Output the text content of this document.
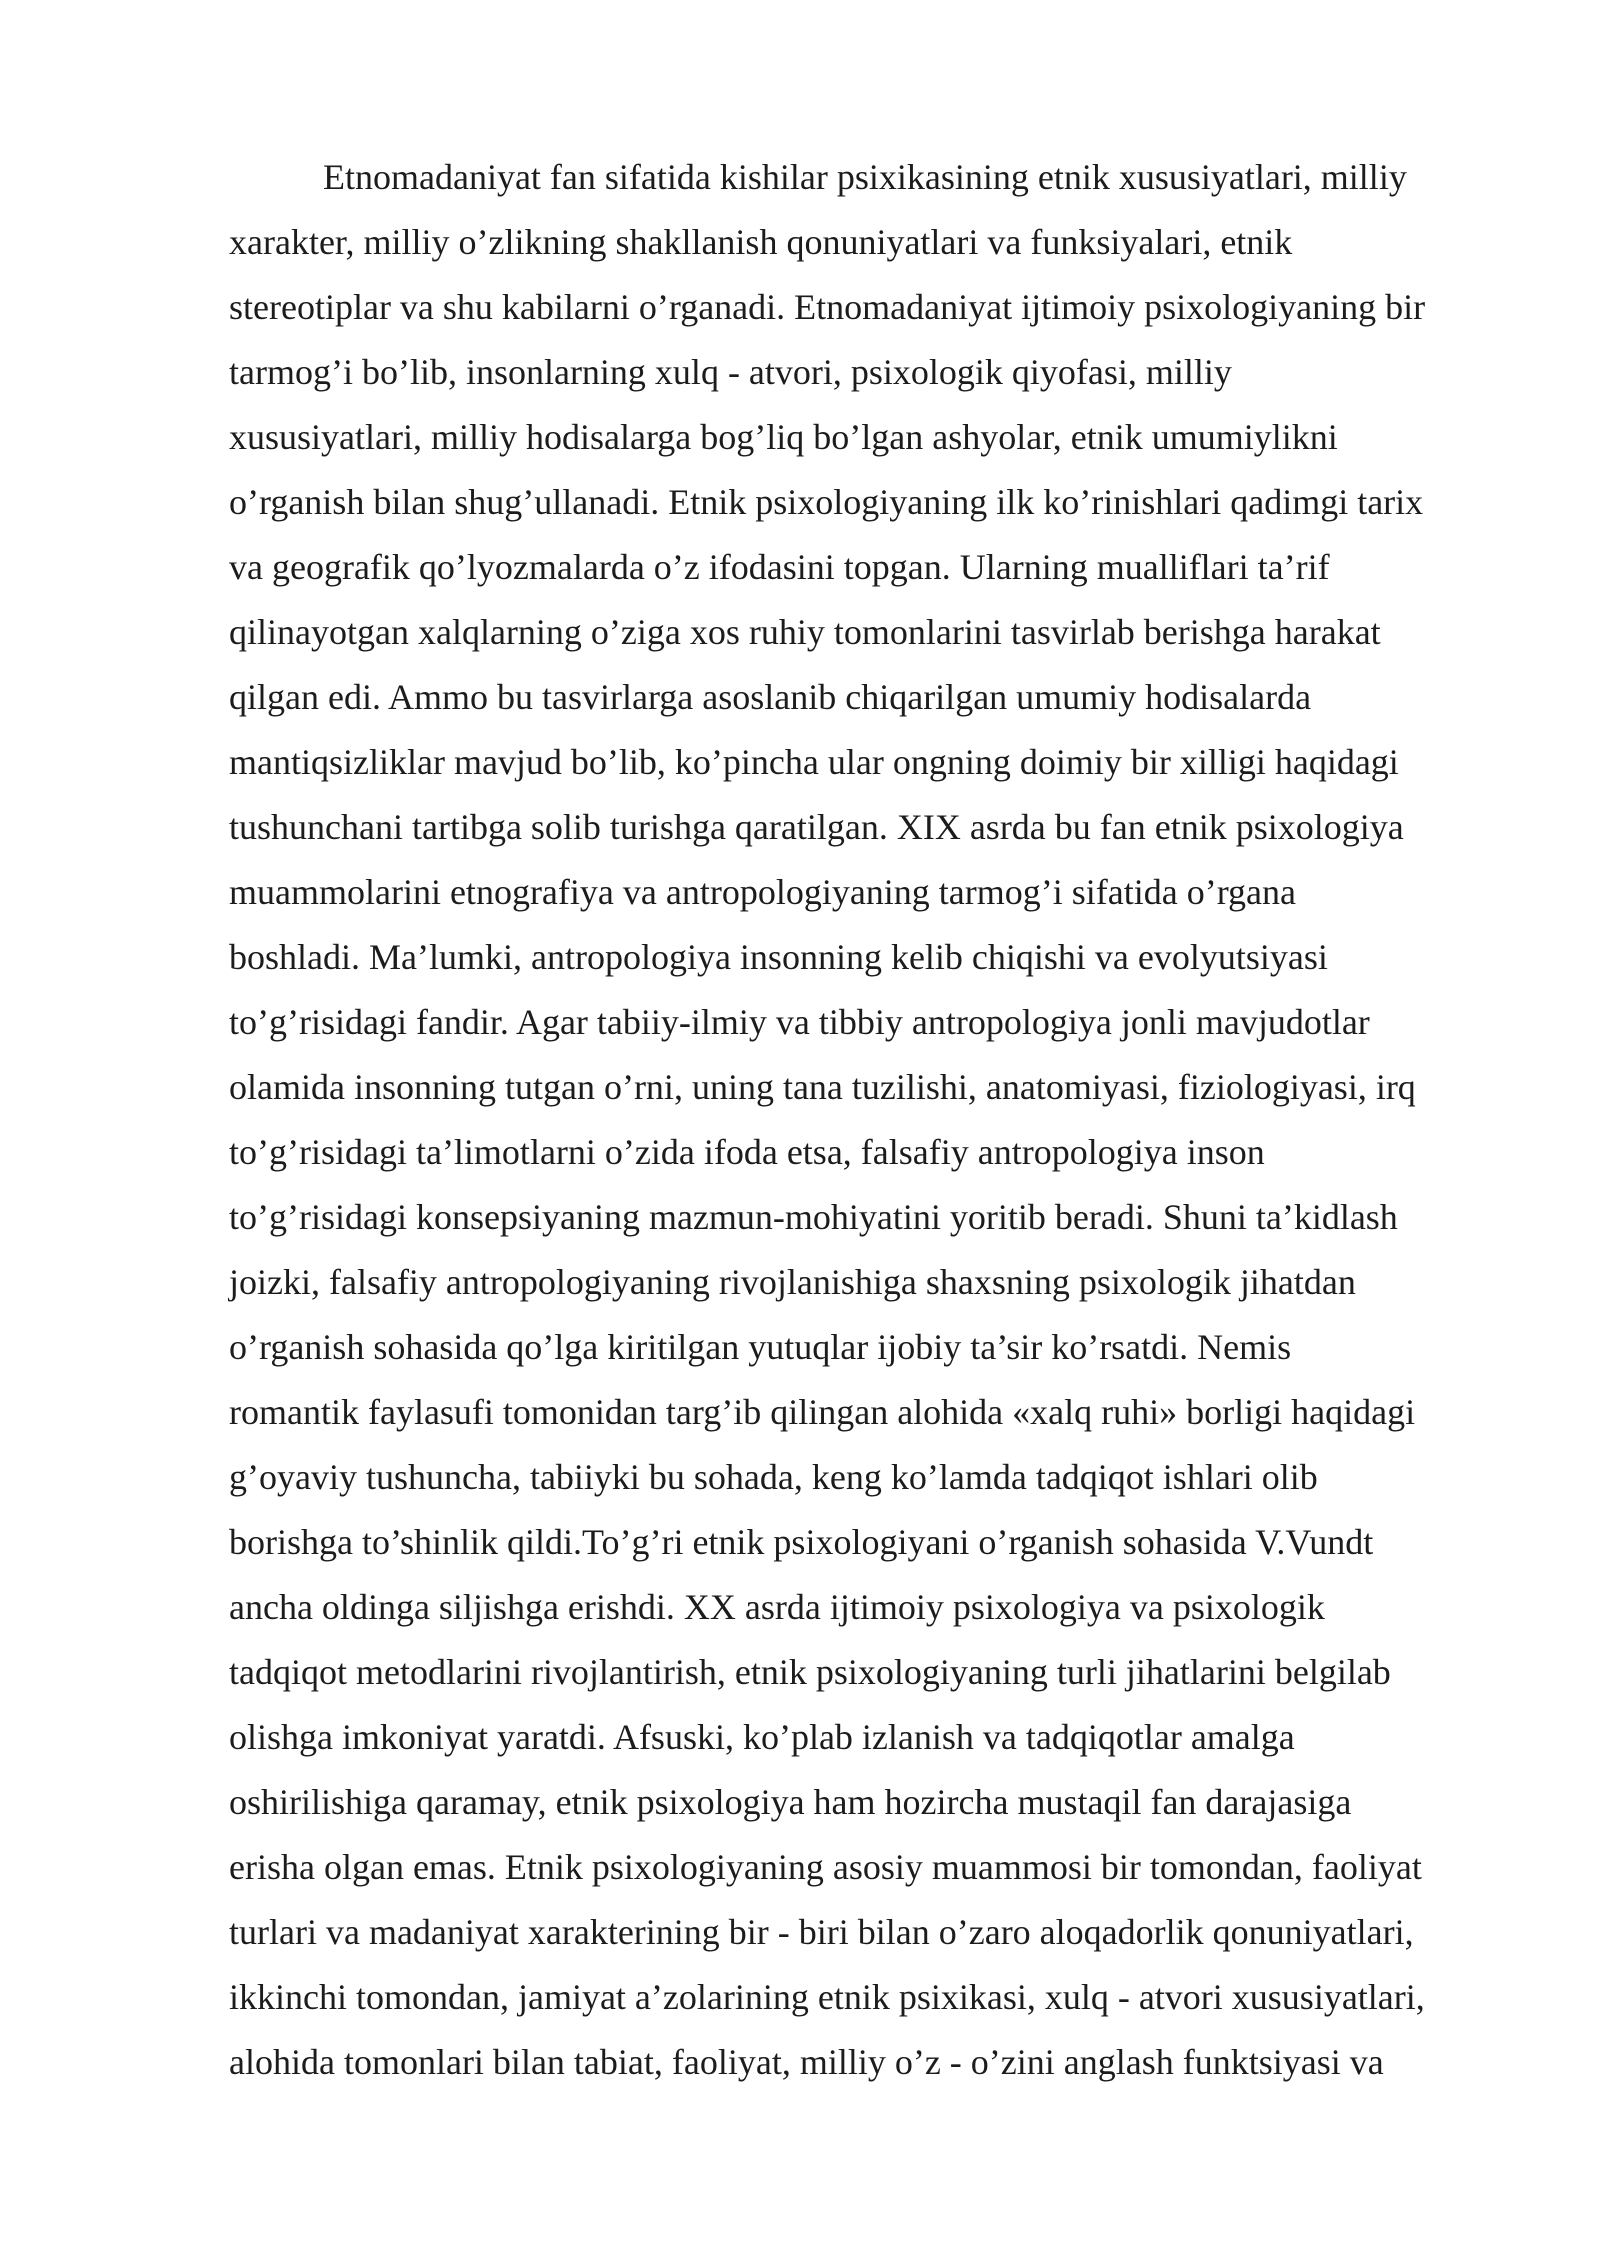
Etnomadaniyat fan sifatida kishilar psixikasining etnik xususiyatlari, milliy
xarakter, milliy o’zlikning shakllanish qonuniyatlari va funksiyalari, etnik
stereotiplar va shu kabilarni o’rganadi. Etnomadaniyat ijtimoiy psixologiyaning bir
tarmog’i bo’lib, insonlarning xulq - atvori, psixologik qiyofasi, milliy
xususiyatlari, milliy hodisalarga bog’liq bo’lgan ashyolar, etnik umumiylikni
o’rganish bilan shug’ullanadi. Etnik psixologiyaning ilk ko’rinishlari qadimgi tarix
va geografik qo’lyozmalarda o’z ifodasini topgan. Ularning mualliflari ta’rif
qilinayotgan xalqlarning o’ziga xos ruhiy tomonlarini tasvirlab berishga harakat
qilgan edi. Ammo bu tasvirlarga asoslanib chiqarilgan umumiy hodisalarda
mantiqsizliklar mavjud bo’lib, ko’pincha ular ongning doimiy bir xilligi haqidagi
tushunchani tartibga solib turishga qaratilgan. XIX asrda bu fan etnik psixologiya
muammolarini etnografiya va antropologiyaning tarmog’i sifatida o’rgana
boshladi. Ma’lumki, antropologiya insonning kelib chiqishi va evolyutsiyasi
to’g’risidagi fandir. Agar tabiiy-ilmiy va tibbiy antropologiya jonli mavjudotlar
olamida insonning tutgan o’rni, uning tana tuzilishi, anatomiyasi, fiziologiyasi, irq
to’g’risidagi ta’limotlarni o’zida ifoda etsa, falsafiy antropologiya inson
to’g’risidagi konsepsiyaning mazmun-mohiyatini yoritib beradi. Shuni ta’kidlash
joizki, falsafiy antropologiyaning rivojlanishiga shaxsning psixologik jihatdan
o’rganish sohasida qo’lga kiritilgan yutuqlar ijobiy ta’sir ko’rsatdi. Nemis
romantik faylasufi tomonidan targ’ib qilingan alohida «xalq ruhi» borligi haqidagi
g’oyaviy tushuncha, tabiiyki bu sohada, keng ko’lamda tadqiqot ishlari olib
borishga to’shinlik qildi.To’g’ri etnik psixologiyani o’rganish sohasida V.Vundt
ancha oldinga siljishga erishdi. XX asrda ijtimoiy psixologiya va psixologik
tadqiqot metodlarini rivojlantirish, etnik psixologiyaning turli jihatlarini belgilab
olishga imkoniyat yaratdi. Afsuski, ko’plab izlanish va tadqiqotlar amalga
oshirilishiga qaramay, etnik psixologiya ham hozircha mustaqil fan darajasiga
erisha olgan emas. Etnik psixologiyaning asosiy muammosi bir tomondan, faoliyat
turlari va madaniyat xarakterining bir - biri bilan o’zaro aloqadorlik qonuniyatlari,
ikkinchi tomondan, jamiyat a’zolarining etnik psixikasi, xulq - atvori xususiyatlari,
alohida tomonlari bilan tabiat, faoliyat, milliy o’z - o’zini anglash funktsiyasi va
